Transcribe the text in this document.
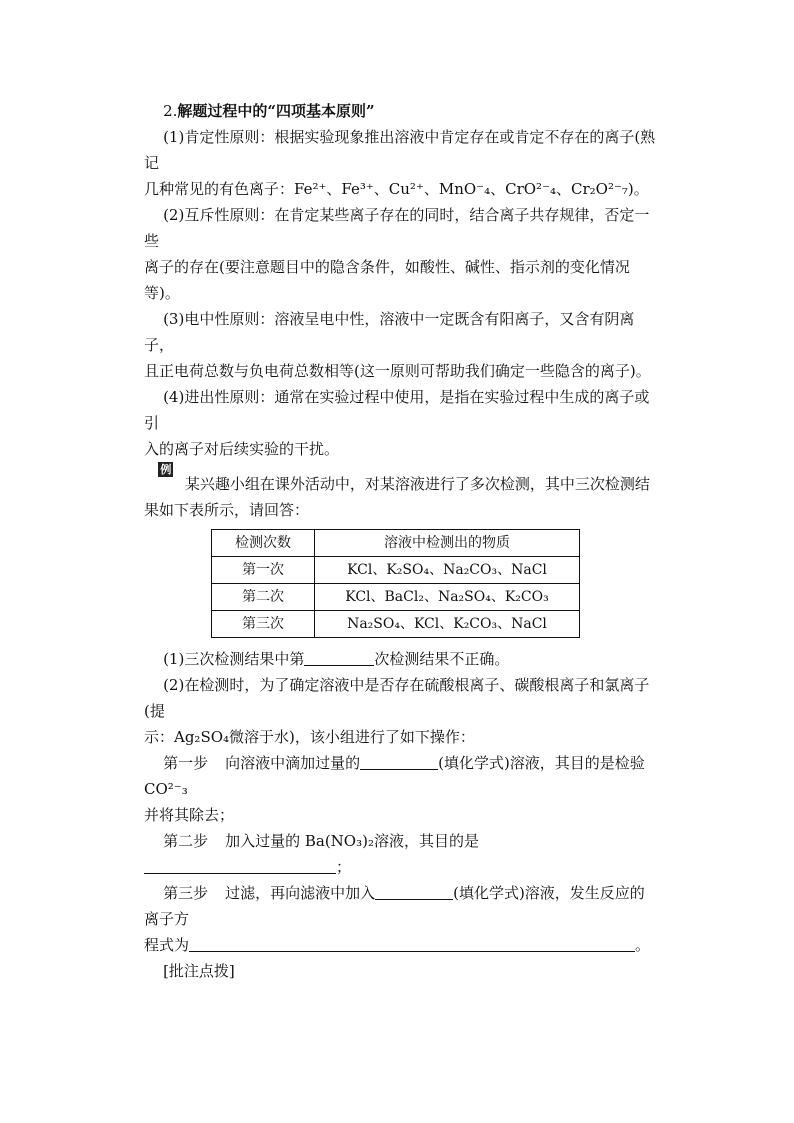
2.解题过程中的“四项基本原则”

(1)肯定性原则：根据实验现象推出溶液中肯定存在或肯定不存在的离子(熟记
几种常见的有色离子：Fe²⁺、Fe³⁺、Cu²⁺、MnO⁻₄、CrO²⁻₄、Cr₂O²⁻₇)。

(2)互斥性原则：在肯定某些离子存在的同时，结合离子共存规律，否定一些
离子的存在(要注意题目中的隐含条件，如酸性、碱性、指示剂的变化情况等)。

(3)电中性原则：溶液呈电中性，溶液中一定既含有阳离子，又含有阴离子，
且正电荷总数与负电荷总数相等(这一原则可帮助我们确定一些隐含的离子)。

(4)进出性原则：通常在实验过程中使用，是指在实验过程中生成的离子或引
入的离子对后续实验的干扰。

例1 某兴趣小组在课外活动中，对某溶液进行了多次检测，其中三次检测结
果如下表所示，请回答：

检测次数	溶液中检测出的物质
第一次	KCl、K₂SO₄、Na₂CO₃、NaCl
第二次	KCl、BaCl₂、Na₂SO₄、K₂CO₃
第三次	Na₂SO₄、KCl、K₂CO₃、NaCl

(1)三次检测结果中第	次检测结果不正确。

(2)在检测时，为了确定溶液中是否存在硫酸根离子、碳酸根离子和氯离子(提
示：Ag₂SO₄微溶于水)，该小组进行了如下操作：

第一步 向溶液中滴加过量的	(填化学式)溶液，其目的是检验 CO²⁻₃
并将其除去；

第二步 加入过量的 Ba(NO₃)₂溶液，其目的是；

第三步 过滤，再向滤液中加入	(填化学式)溶液，发生反应的离子方
程式为	。

[批注点拨]
